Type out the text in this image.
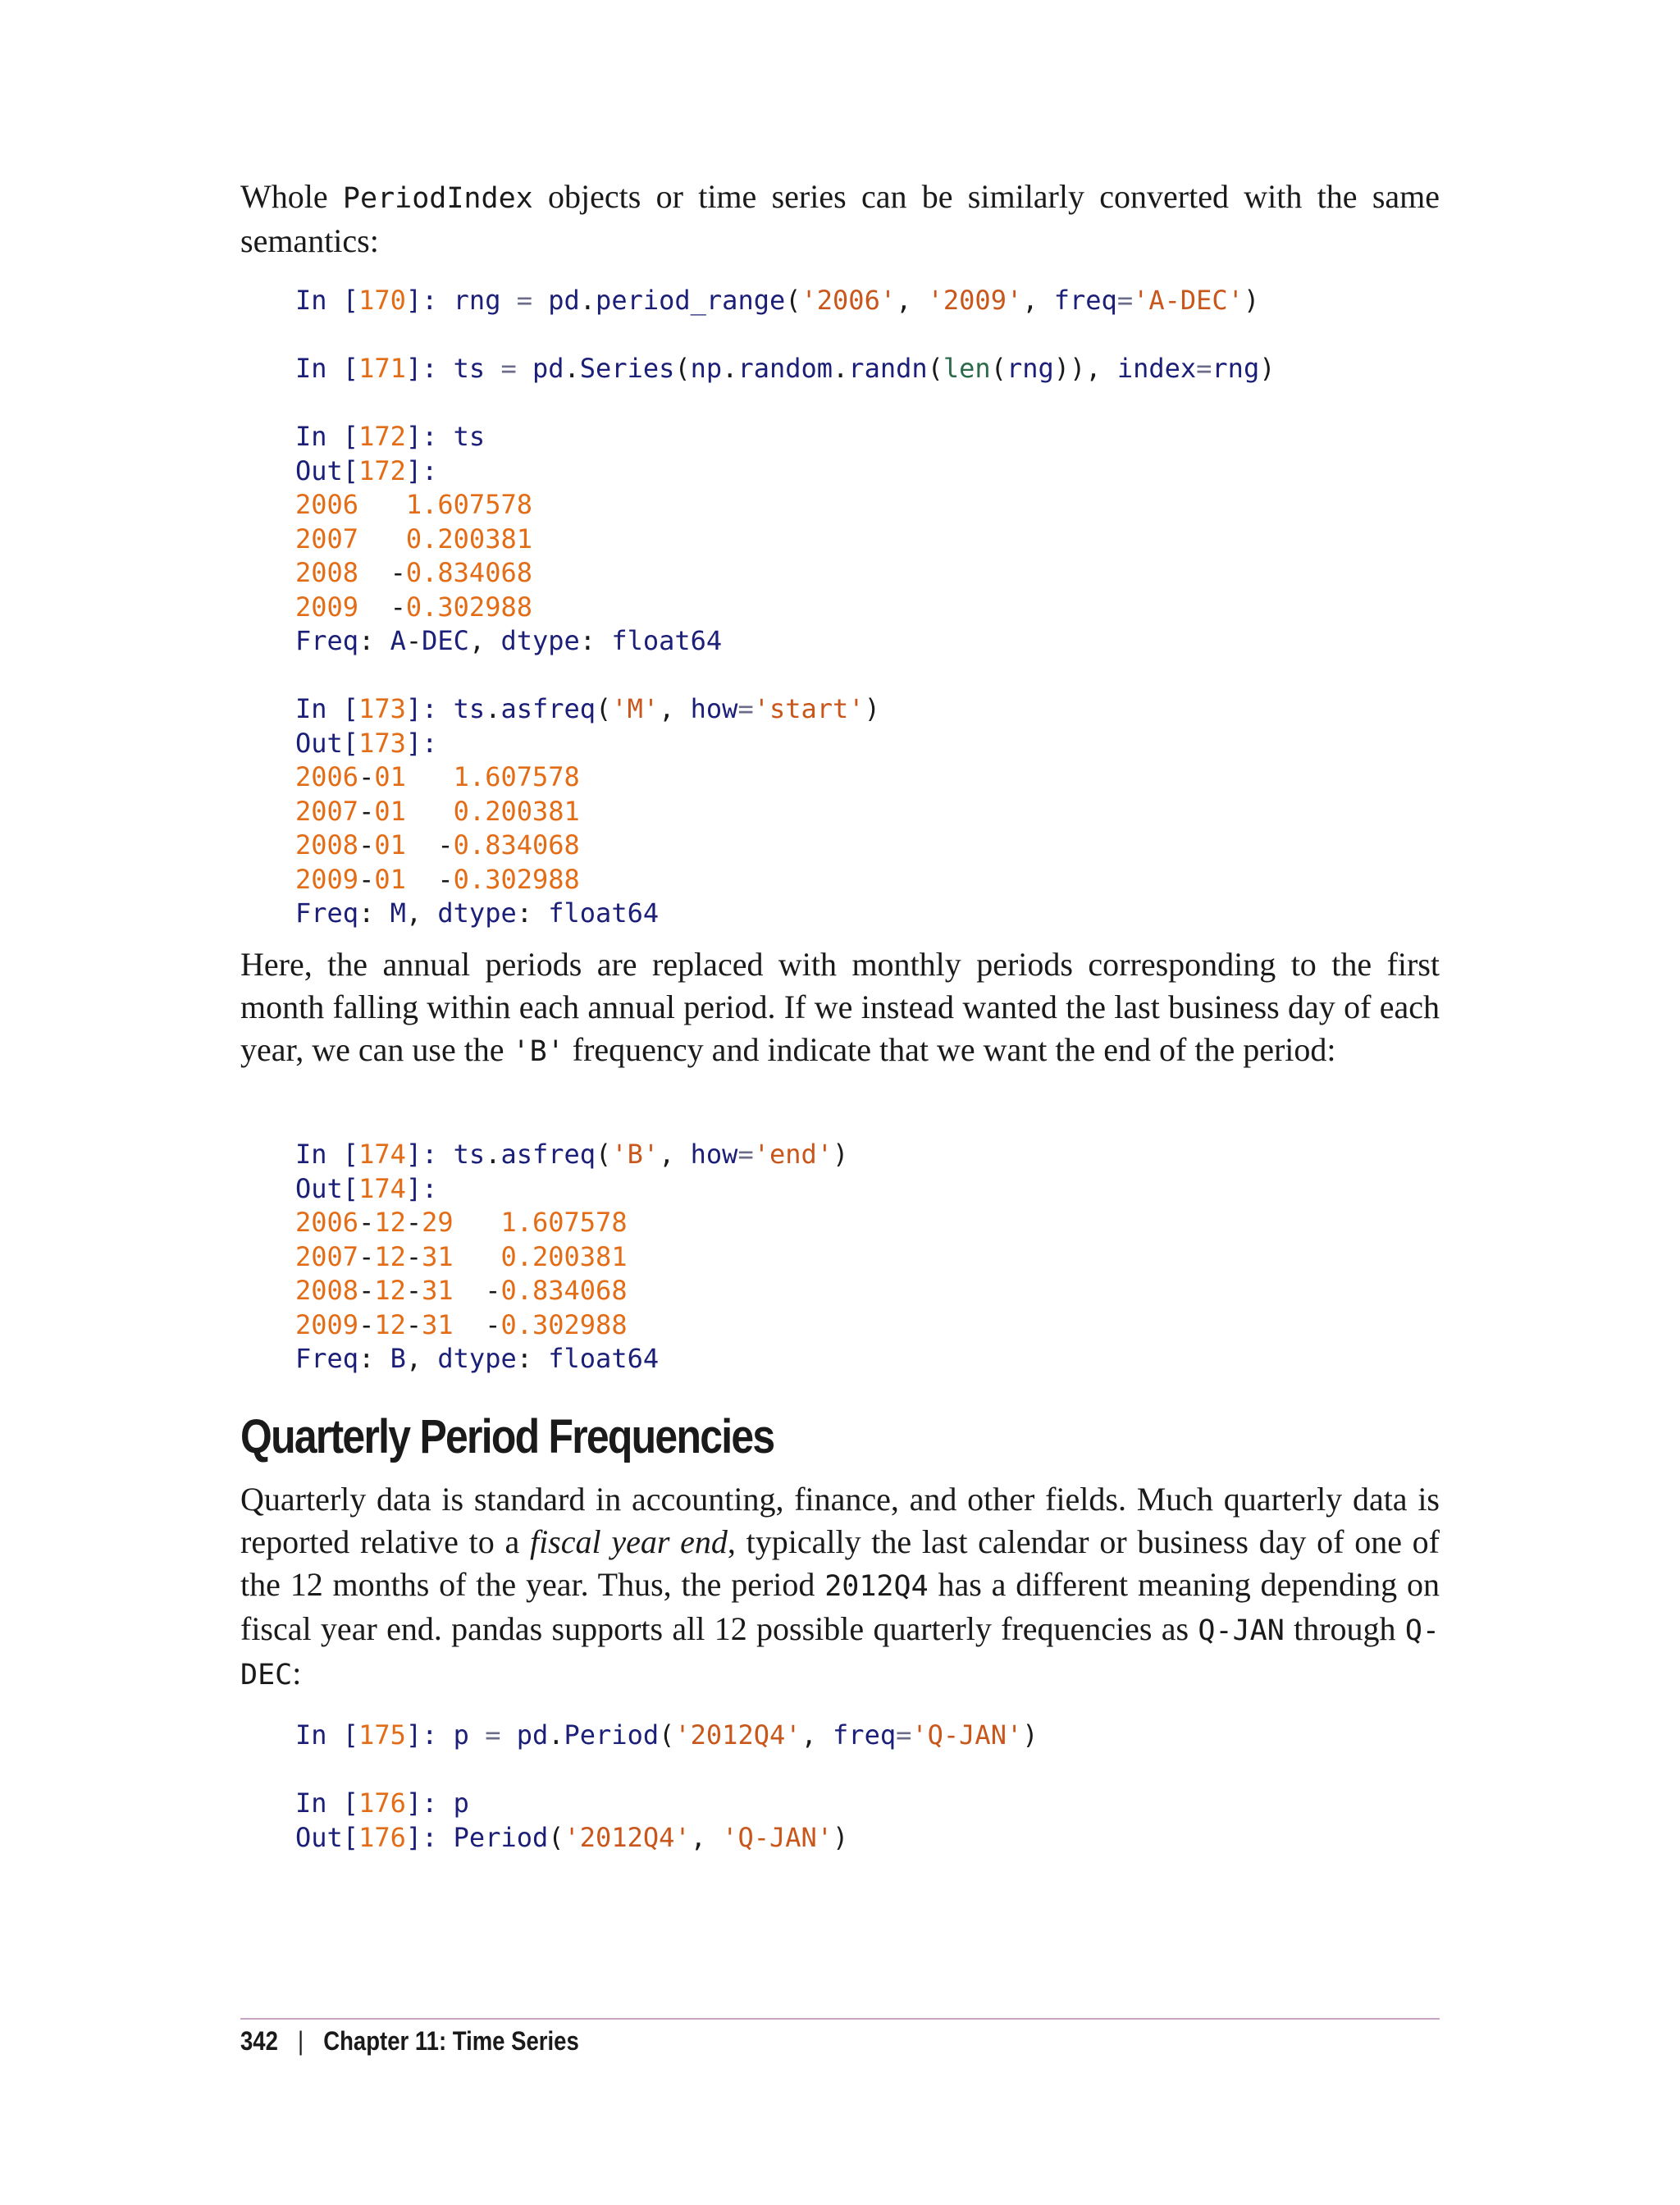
Whole PeriodIndex objects or time series can be similarly converted with the same semantics:

In [170]: rng = pd.period_range('2006', '2009', freq='A-DEC')

In [171]: ts = pd.Series(np.random.randn(len(rng)), index=rng)

In [172]: ts
Out[172]:
2006 1.607578
2007 0.200381
2008  -0.834068
2009  -0.302988
Freq: A-DEC, dtype: float64

In [173]: ts.asfreq('M', how='start')
Out[173]:
2006-01 1.607578
2007-01 0.200381
2008-01  -0.834068
2009-01  -0.302988
Freq: M, dtype: float64

Here, the annual periods are replaced with monthly periods corresponding to the first month falling within each annual period. If we instead wanted the last business day of each year, we can use the 'B' frequency and indicate that we want the end of the period:

In [174]: ts.asfreq('B', how='end')
Out[174]:
2006-12-29 1.607578
2007-12-31 0.200381
2008-12-31  -0.834068
2009-12-31  -0.302988
Freq: B, dtype: float64
Quarterly Period Frequencies

Quarterly data is standard in accounting, finance, and other fields. Much quarterly data is reported relative to a fiscal year end, typically the last calendar or business day of one of the 12 months of the year. Thus, the period 2012Q4 has a different meaning depending on fiscal year end. pandas supports all 12 possible quarterly frequencies as Q-JAN through Q-DEC:

In [175]: p = pd.Period('2012Q4', freq='Q-JAN')

In [176]: p
Out[176]: Period('2012Q4', 'Q-JAN')
342 | Chapter 11: Time Series
